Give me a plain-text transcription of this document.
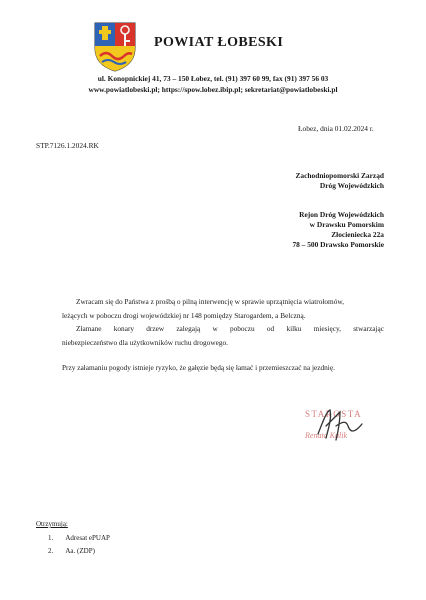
POWIAT ŁOBESKI
ul. Konopnickiej 41, 73 – 150 Łobez, tel. (91) 397 60 99, fax (91) 397 56 03
www.powiatlobeski.pl; https://spow.lobez.ibip.pl; sekretariat@powiatlobeski.pl
Łobez, dnia 01.02.2024 r.
STP.7126.1.2024.RK
Zachodniopomorski Zarząd
Dróg Wojewódzkich
Rejon Dróg Wojewódzkich
w Drawsku Pomorskim
Złocieniecka 22a
78 – 500 Drawsko Pomorskie
Zwracam się do Państwa z prośbą o pilną interwencję w sprawie uprzątnięcia wiatrołomów,
leżących w poboczu drogi wojewódzkiej nr 148 pomiędzy Starogardem, a Belczną.
Złamane konary drzew zalegają w poboczu od kilku miesięcy, stwarzając
niebezpieczeństwo dla użytkowników ruchu drogowego.
Przy załamaniu pogody istnieje ryzyko, że gałęzie będą się łamać i przemieszczać na jezdnię.
STAROSTA
Renata Kulik
Otrzymują:
1. Adresat ePUAP
2. Aa. (ZDP)
